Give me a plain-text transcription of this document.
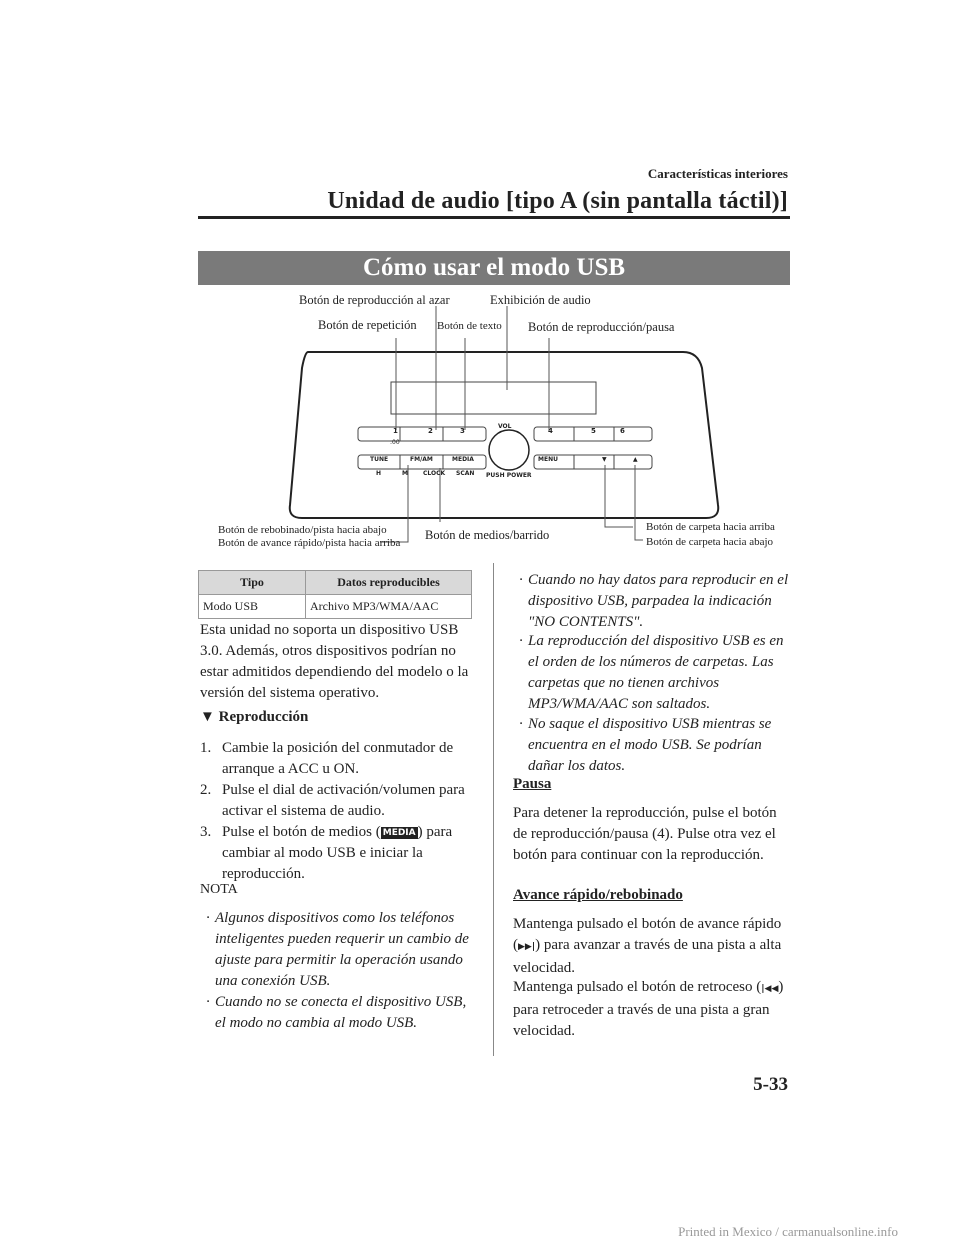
Características interiores
Unidad de audio [tipo A (sin pantalla táctil)]
Cómo usar el modo USB
1	2	3	4	5	6
:00
VOL
PUSH POWER
TUNE	FM/AM	MEDIA	MENU	▼	▲
H	M	CLOCK SCAN
Botón de reproducción al azar	Exhibición de audio
Botón de repetición Botón de texto Botón de reproducción/pausa
Botón de rebobinado/pista hacia abajo
Botón de avance rápido/pista hacia arriba
Botón de medios/barrido
Botón de carpeta hacia arriba
Botón de carpeta hacia abajo
Tipo	Datos reproducibles
Modo USB	Archivo MP3/WMA/AAC
Esta unidad no soporta un dispositivo USB 3.0. Además, otros dispositivos podrían no estar admitidos dependiendo del modelo o la versión del sistema operativo.
▼ Reproducción
1. Cambie la posición del conmutador de arranque a ACC u ON.
2. Pulse el dial de activación/volumen para activar el sistema de audio.
3. Pulse el botón de medios ( MEDIA ) para cambiar al modo USB e iniciar la reproducción.
NOTA
· Algunos dispositivos como los teléfonos inteligentes pueden requerir un cambio de ajuste para permitir la operación usando una conexión USB.
· Cuando no se conecta el dispositivo USB, el modo no cambia al modo USB.
· Cuando no hay datos para reproducir en el dispositivo USB, parpadea la indicación "NO CONTENTS".
· La reproducción del dispositivo USB es en el orden de los números de carpetas. Las carpetas que no tienen archivos MP3/WMA/AAC son saltados.
· No saque el dispositivo USB mientras se encuentra en el modo USB. Se podrían dañar los datos.
Pausa
Para detener la reproducción, pulse el botón de reproducción/pausa (4). Pulse otra vez el botón para continuar con la reproducción.
Avance rápido/rebobinado
Mantenga pulsado el botón de avance rápido (▶▶|) para avanzar a través de una pista a alta velocidad.
Mantenga pulsado el botón de retroceso (|◀◀) para retroceder a través de una pista a gran velocidad.
5-33
Printed in Mexico / carmanualsonline.info
